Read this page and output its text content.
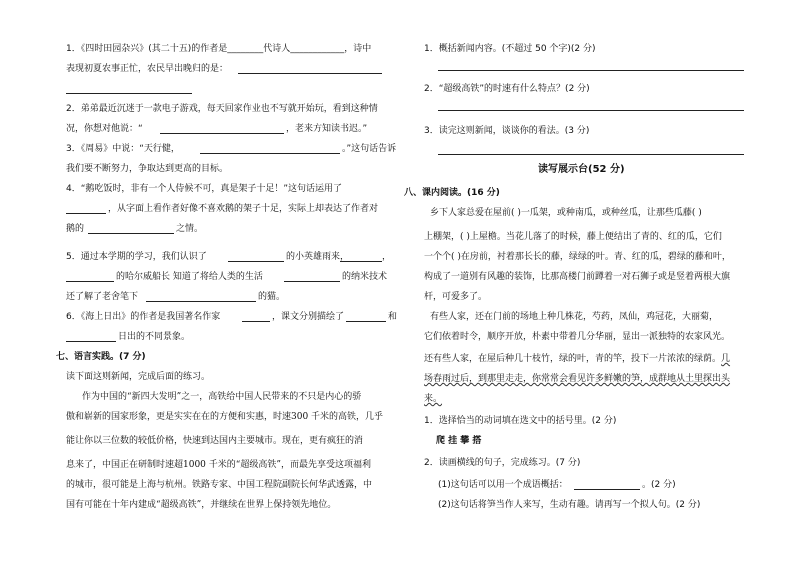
1．《四时田园杂兴》(其二十五)的作者是________代诗人____________，诗中
表现初夏农事正忙，农民早出晚归的是：
2．弟弟最近沉迷于一款电子游戏，每天回家作业也不写就开始玩，看到这种情
况，你想对他说：“	，老来方知读书迟。”
3．《周易》中说：“天行健，	。”这句话告诉
我们要不断努力，争取达到更高的目标。
4．“鹅吃饭时，非有一个人侍候不可，真是架子十足！”这句话运用了
，从字面上看作者好像不喜欢鹅的架子十足，实际上却表达了作者对
鹅的	之情。
5．通过本学期的学习，我们认识了	的小英雄雨来，	，
的哈尔威船长 知道了将给人类的生活	的纳米技术
还了解了老舍笔下	的猫。
6．《海上日出》的作者是我国著名作家	，课文分别描绘了	和
日出的不同景象。
七、语言实践。(7 分)
读下面这则新闻，完成后面的练习。
作为中国的“新四大发明”之一，高铁给中国人民带来的不只是内心的骄
傲和崭新的国家形象，更是实实在在的方便和实惠，时速300 千米的高铁，几乎
能让你以三位数的较低价格，快速到达国内主要城市。现在，更有疯狂的消
息来了，中国正在研制时速超1000 千米的“超级高铁”，而最先享受这项福利
的城市，很可能是上海与杭州。铁路专家、中国工程院副院长何华武透露，中
国有可能在十年内建成“超级高铁”，并继续在世界上保持领先地位。
1．概括新闻内容。(不超过 50 个字)(2 分)
2．“超级高铁”的时速有什么特点？(2 分)
3．读完这则新闻，谈谈你的看法。(3 分)
读写展示台(52 分)
八、课内阅读。(16 分)
乡下人家总爱在屋前( )一瓜架，或种南瓜，或种丝瓜，让那些瓜藤( )
上棚架，( )上屋檐。当花儿落了的时候，藤上便结出了青的、红的瓜，它们
一个个( )在房前，衬着那长长的藤，绿绿的叶。青、红的瓜，碧绿的藤和叶，
构成了一道别有风趣的装饰，比那高楼门前蹲着一对石狮子或是竖着两根大旗
杆，可爱多了。
有些人家，还在门前的场地上种几株花，芍药，凤仙，鸡冠花，大丽菊，
它们依着时令，顺序开放，朴素中带着几分华丽，显出一派独特的农家风光。
还有些人家，在屋后种几十枝竹，绿的叶，青的竿，投下一片浓浓的绿荫。几
场春雨过后，到那里走走，你常常会看见许多鲜嫩的笋，成群地从土里探出头
来。
1．选择恰当的动词填在选文中的括号里。(2 分)
爬 挂 攀 搭
2．读画横线的句子，完成练习。(7 分)
(1)这句话可以用一个成语概括：	。(2 分)
(2)这句话将笋当作人来写，生动有趣。请再写一个拟人句。(2 分)
